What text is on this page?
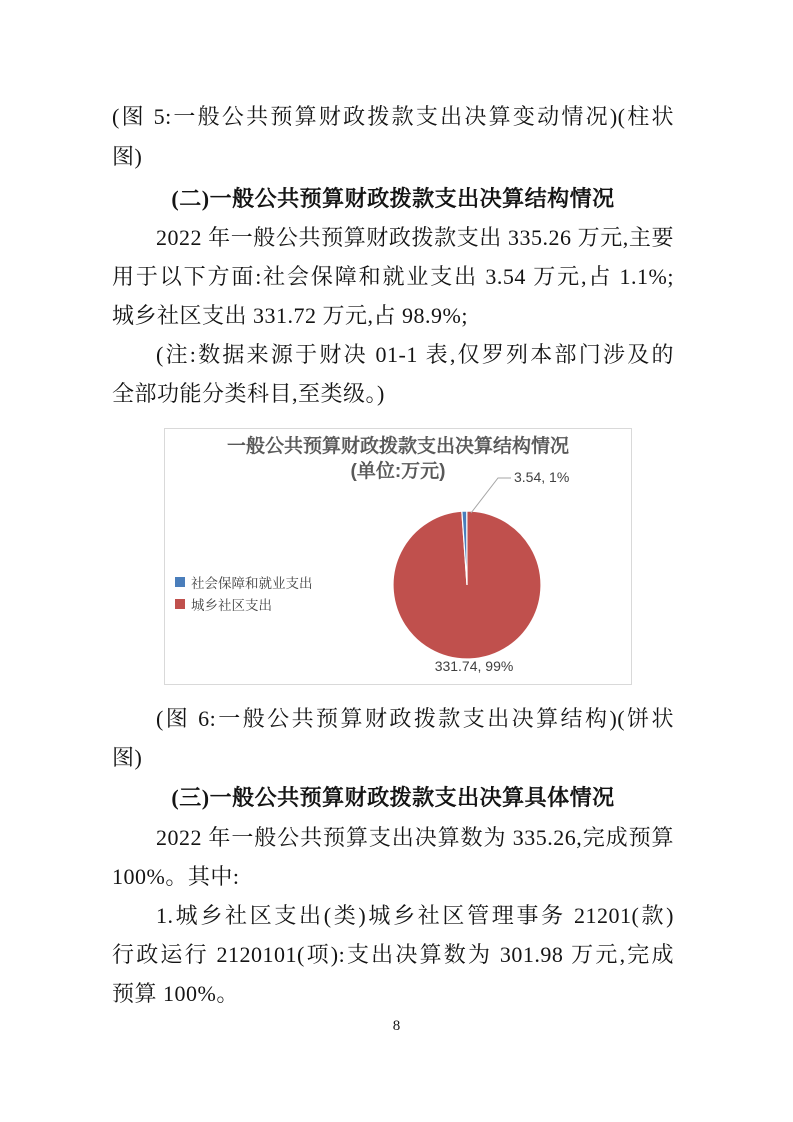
(图 5:一般公共预算财政拨款支出决算变动情况)(柱状
图)
(二)一般公共预算财政拨款支出决算结构情况
2022 年一般公共预算财政拨款支出 335.26 万元,主要
用于以下方面:社会保障和就业支出 3.54 万元,占 1.1%;
城乡社区支出 331.72 万元,占 98.9%;
(注:数据来源于财决 01-1 表,仅罗列本部门涉及的
全部功能分类科目,至类级。)
一般公共预算财政拨款支出决算结构情况
(单位:万元)
社会保障和就业支出
城乡社区支出
3.54, 1%
331.74, 99%
(图 6:一般公共预算财政拨款支出决算结构)(饼状
图)
(三)一般公共预算财政拨款支出决算具体情况
2022 年一般公共预算支出决算数为 335.26,完成预算
100%。其中:
1.城乡社区支出(类)城乡社区管理事务 21201(款)
行政运行 2120101(项):支出决算数为 301.98 万元,完成
预算 100%。
8
